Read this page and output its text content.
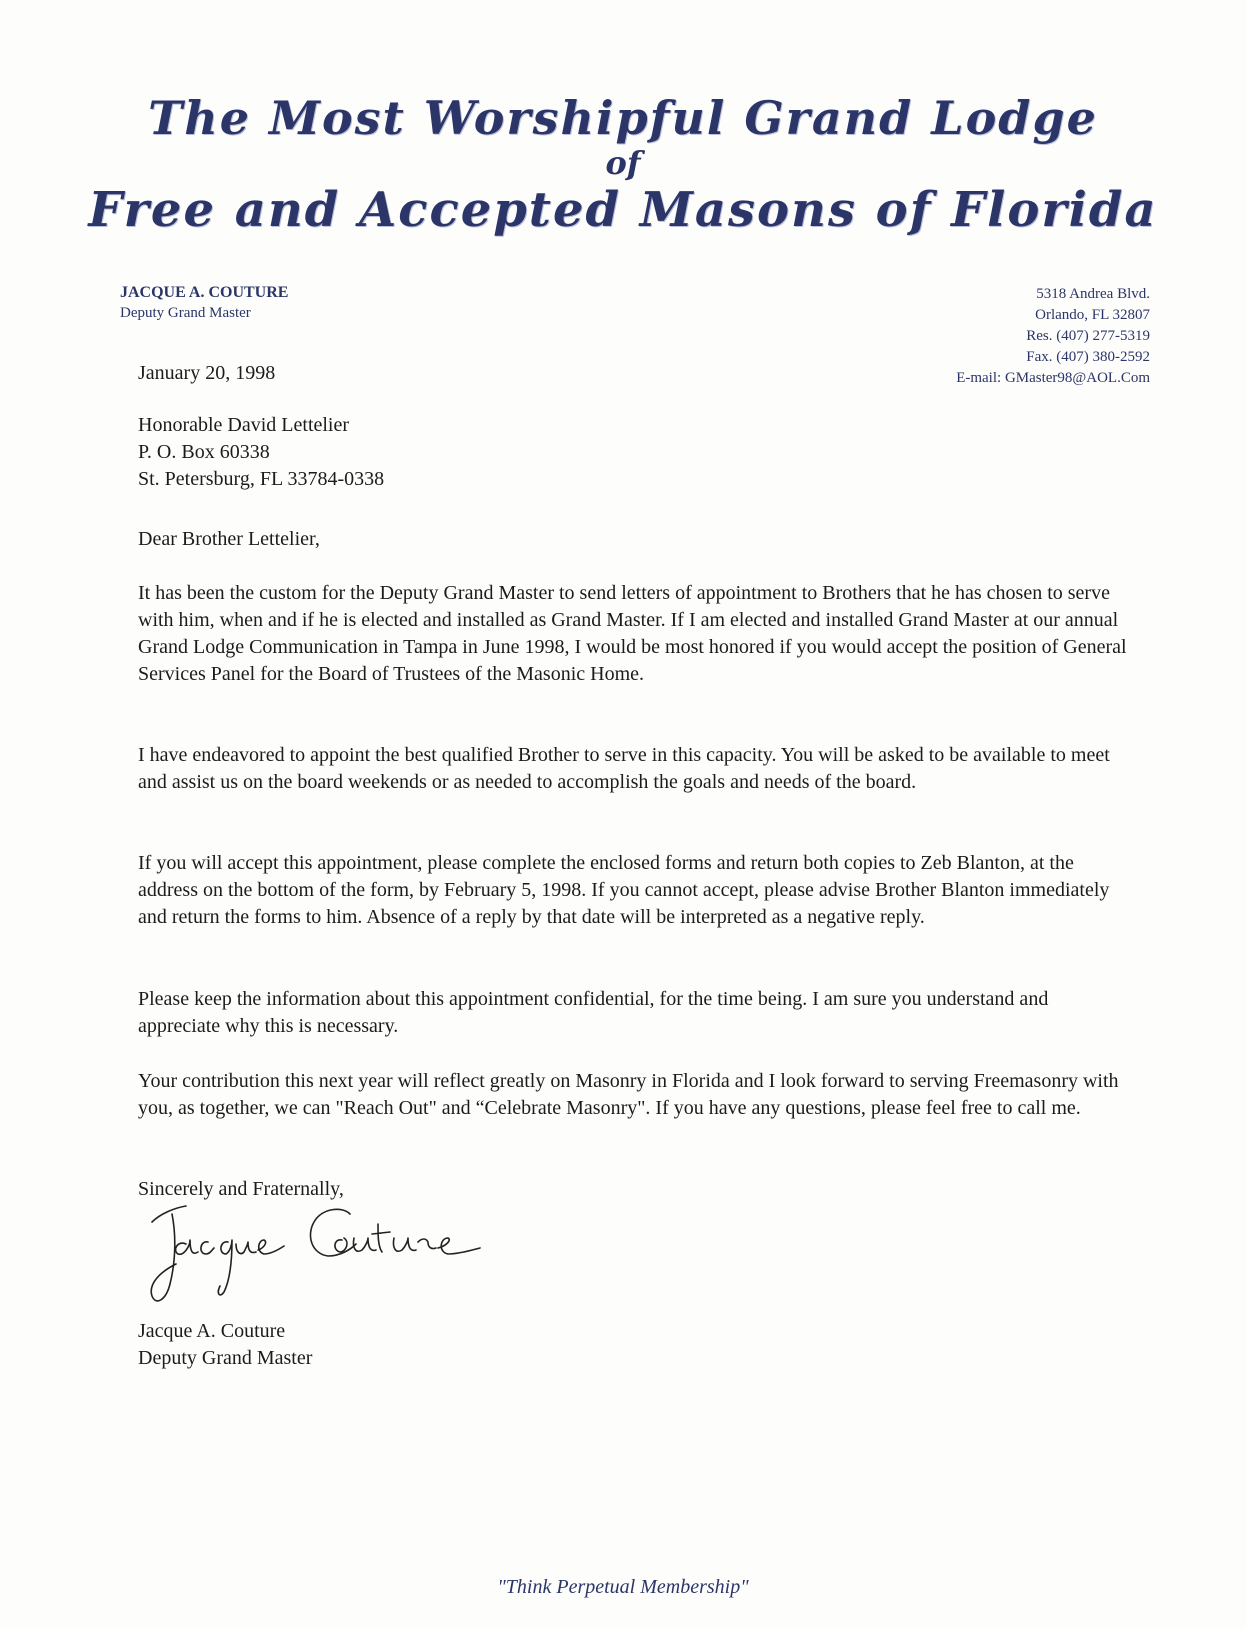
The Most Worshipful Grand Lodge
of
Free and Accepted Masons of Florida
JACQUE A. COUTURE
Deputy Grand Master
5318 Andrea Blvd.
Orlando, FL 32807
Res. (407) 277-5319
Fax. (407) 380-2592
E-mail: GMaster98@AOL.Com
January 20, 1998
Honorable David Lettelier
P. O. Box 60338
St. Petersburg, FL 33784-0338
Dear Brother Lettelier,
It has been the custom for the Deputy Grand Master to send letters of appointment to Brothers that he has chosen to serve with him, when and if he is elected and installed as Grand Master. If I am elected and installed Grand Master at our annual Grand Lodge Communication in Tampa in June 1998, I would be most honored if you would accept the position of General Services Panel for the Board of Trustees of the Masonic Home.
I have endeavored to appoint the best qualified Brother to serve in this capacity. You will be asked to be available to meet and assist us on the board weekends or as needed to accomplish the goals and needs of the board.
If you will accept this appointment, please complete the enclosed forms and return both copies to Zeb Blanton, at the address on the bottom of the form, by February 5, 1998. If you cannot accept, please advise Brother Blanton immediately and return the forms to him. Absence of a reply by that date will be interpreted as a negative reply.
Please keep the information about this appointment confidential, for the time being. I am sure you understand and appreciate why this is necessary.
Your contribution this next year will reflect greatly on Masonry in Florida and I look forward to serving Freemasonry with you, as together, we can "Reach Out" and “Celebrate Masonry". If you have any questions, please feel free to call me.
Sincerely and Fraternally,
Jacque A. Couture
Deputy Grand Master
"Think Perpetual Membership"
